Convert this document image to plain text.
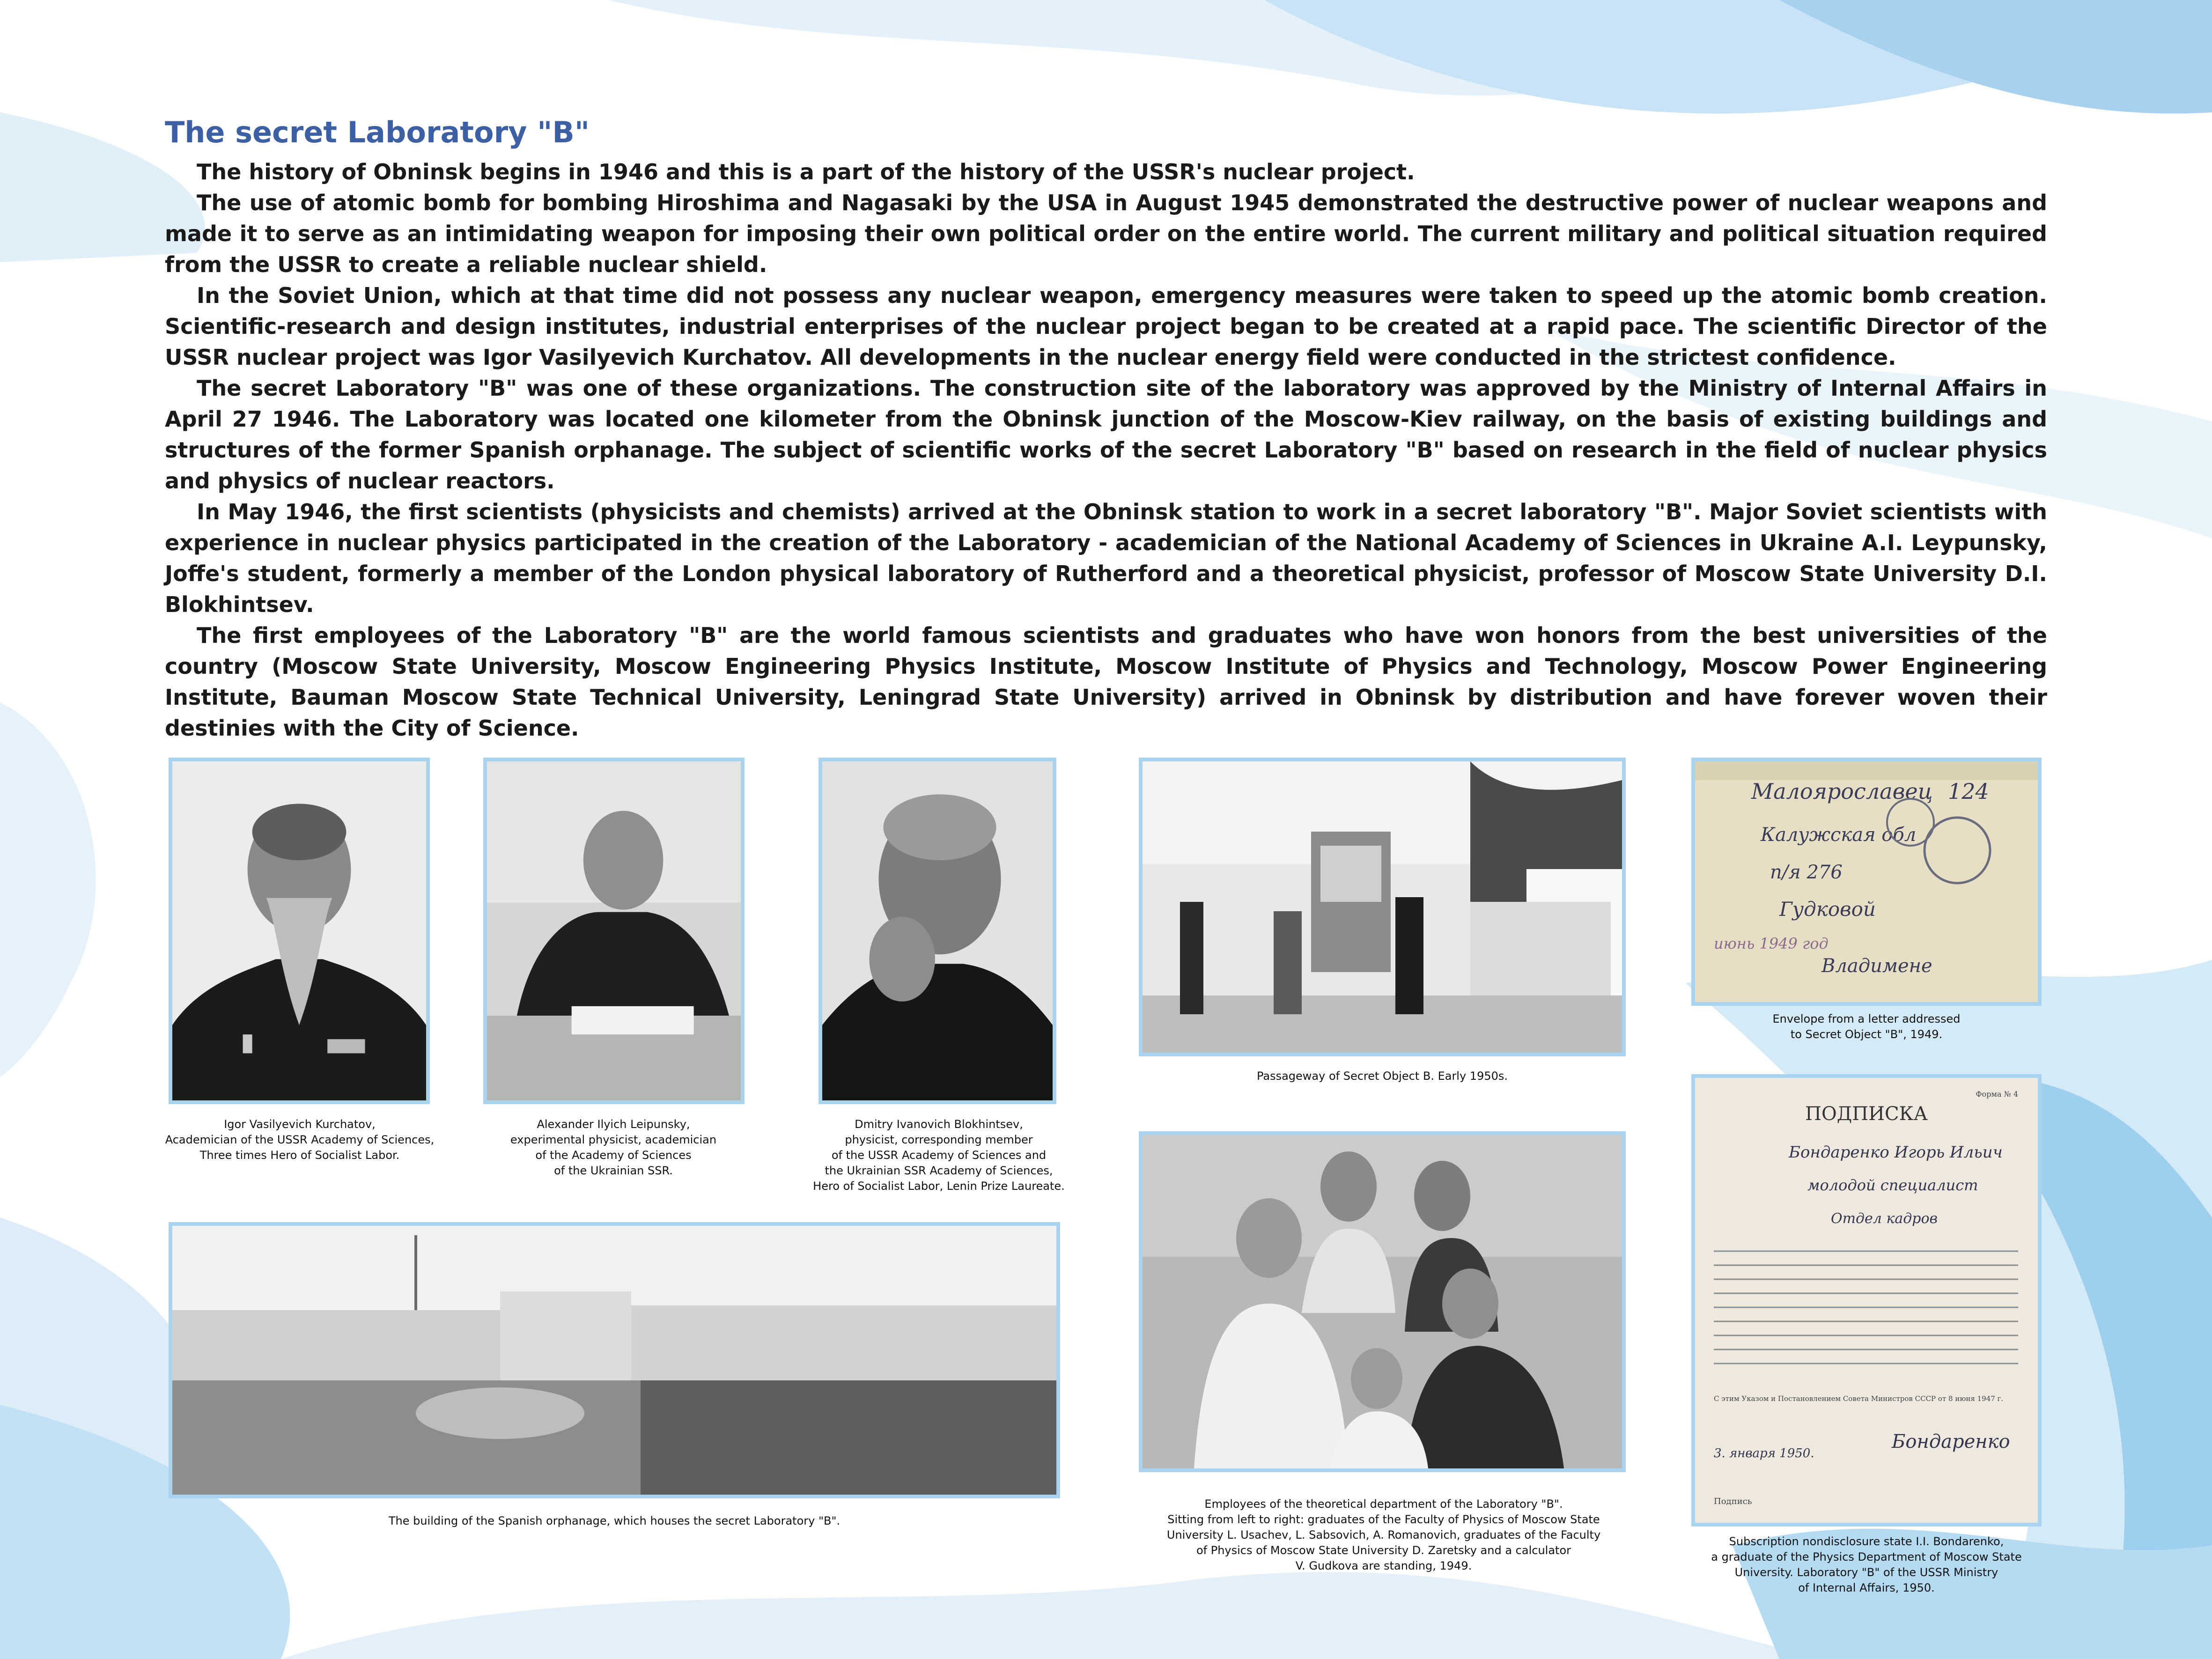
The secret Laboratory "B"

The history of Obninsk begins in 1946 and this is a part of the history of the USSR's nuclear project.

The use of atomic bomb for bombing Hiroshima and Nagasaki by the USA in August 1945 demonstrated the destructive power of nuclear weapons and made it to serve as an intimidating weapon for imposing their own political order on the entire world. The current military and political situation required from the USSR to create a reliable nuclear shield.

In the Soviet Union, which at that time did not possess any nuclear weapon, emergency measures were taken to speed up the atomic bomb creation. Scientific-research and design institutes, industrial enterprises of the nuclear project began to be created at a rapid pace. The scientific Director of the USSR nuclear project was Igor Vasilyevich Kurchatov. All developments in the nuclear energy field were conducted in the strictest confidence.

The secret Laboratory "B" was one of these organizations. The construction site of the laboratory was approved by the Ministry of Internal Affairs in April 27 1946. The Laboratory was located one kilometer from the Obninsk junction of the Moscow-Kiev railway, on the basis of existing buildings and structures of the former Spanish orphanage. The subject of scientific works of the secret Laboratory "B" based on research in the field of nuclear physics and physics of nuclear reactors.

In May 1946, the first scientists (physicists and chemists) arrived at the Obninsk station to work in a secret laboratory "B". Major Soviet scientists with experience in nuclear physics participated in the creation of the Laboratory - academician of the National Academy of Sciences in Ukraine A.I. Leypunsky, Joffe's student, formerly a member of the London physical laboratory of Rutherford and a theoretical physicist, professor of Moscow State University D.I. Blokhintsev.

The first employees of the Laboratory "B" are the world famous scientists and graduates who have won honors from the best universities of the country (Moscow State University, Moscow Engineering Physics Institute, Moscow Institute of Physics and Technology, Moscow Power Engineering Institute, Bauman Moscow State Technical University, Leningrad State University) arrived in Obninsk by distribution and have forever woven their destinies with the City of Science.

Igor Vasilyevich Kurchatov,
Academician of the USSR Academy of Sciences,
Three times Hero of Socialist Labor.
Alexander Ilyich Leipunsky,
experimental physicist, academician
of the Academy of Sciences
of the Ukrainian SSR.
Dmitry Ivanovich Blokhintsev,
physicist, corresponding member
of the USSR Academy of Sciences and
the Ukrainian SSR Academy of Sciences,
Hero of Socialist Labor, Lenin Prize Laureate.
Passageway of Secret Object B. Early 1950s.
Малоярославец 124
Калужская обл
п/я 276
Гудковой
Владимене
июнь 1949 год
Envelope from a letter addressed
to Secret Object "B", 1949.
The building of the Spanish orphanage, which houses the secret Laboratory "B".
Employees of the theoretical department of the Laboratory "B".
Sitting from left to right: graduates of the Faculty of Physics of Moscow State
University L. Usachev, L. Sabsovich, A. Romanovich, graduates of the Faculty
of Physics of Moscow State University D. Zaretsky and a calculator
V. Gudkova are standing, 1949.
ПОДПИСКА
Форма № 4
Бондаренко Игорь Ильич
молодой специалист
Отдел кадров
С этим Указом и Постановлением Совета Министров СССР от 8 июня 1947 г.
3. января 1950.
Бондаренко
Подпись
Subscription nondisclosure state I.I. Bondarenko,
a graduate of the Physics Department of Moscow State
University. Laboratory "B" of the USSR Ministry
of Internal Affairs, 1950.
